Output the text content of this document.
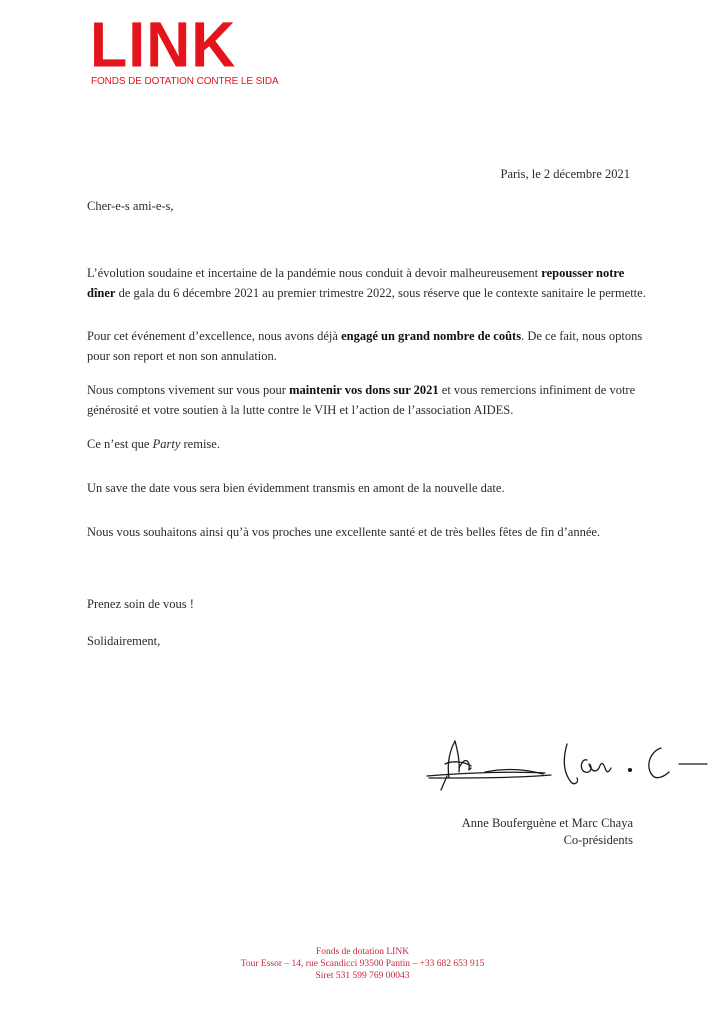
LINK
FONDS DE DOTATION CONTRE LE SIDA
Paris, le 2 décembre 2021
Cher-e-s ami-e-s,
L’évolution soudaine et incertaine de la pandémie nous conduit à devoir malheureusement repousser notre dîner de gala du 6 décembre 2021 au premier trimestre 2022, sous réserve que le contexte sanitaire le permette.
Pour cet événement d’excellence, nous avons déjà engagé un grand nombre de coûts. De ce fait, nous optons pour son report et non son annulation.
Nous comptons vivement sur vous pour maintenir vos dons sur 2021 et vous remercions infiniment de votre générosité et votre soutien à la lutte contre le VIH et l’action de l’association AIDES.
Ce n’est que Party remise.
Un save the date vous sera bien évidemment transmis en amont de la nouvelle date.
Nous vous souhaitons ainsi qu’à vos proches une excellente santé et de très belles fêtes de fin d’année.
Prenez soin de vous !
Solidairement,
Anne Bouferguène et Marc Chaya
Co-présidents
Fonds de dotation LINK
Tour Essor – 14, rue Scandicci 93500 Pantin – +33 682 653 915
Siret 531 599 769 00043
